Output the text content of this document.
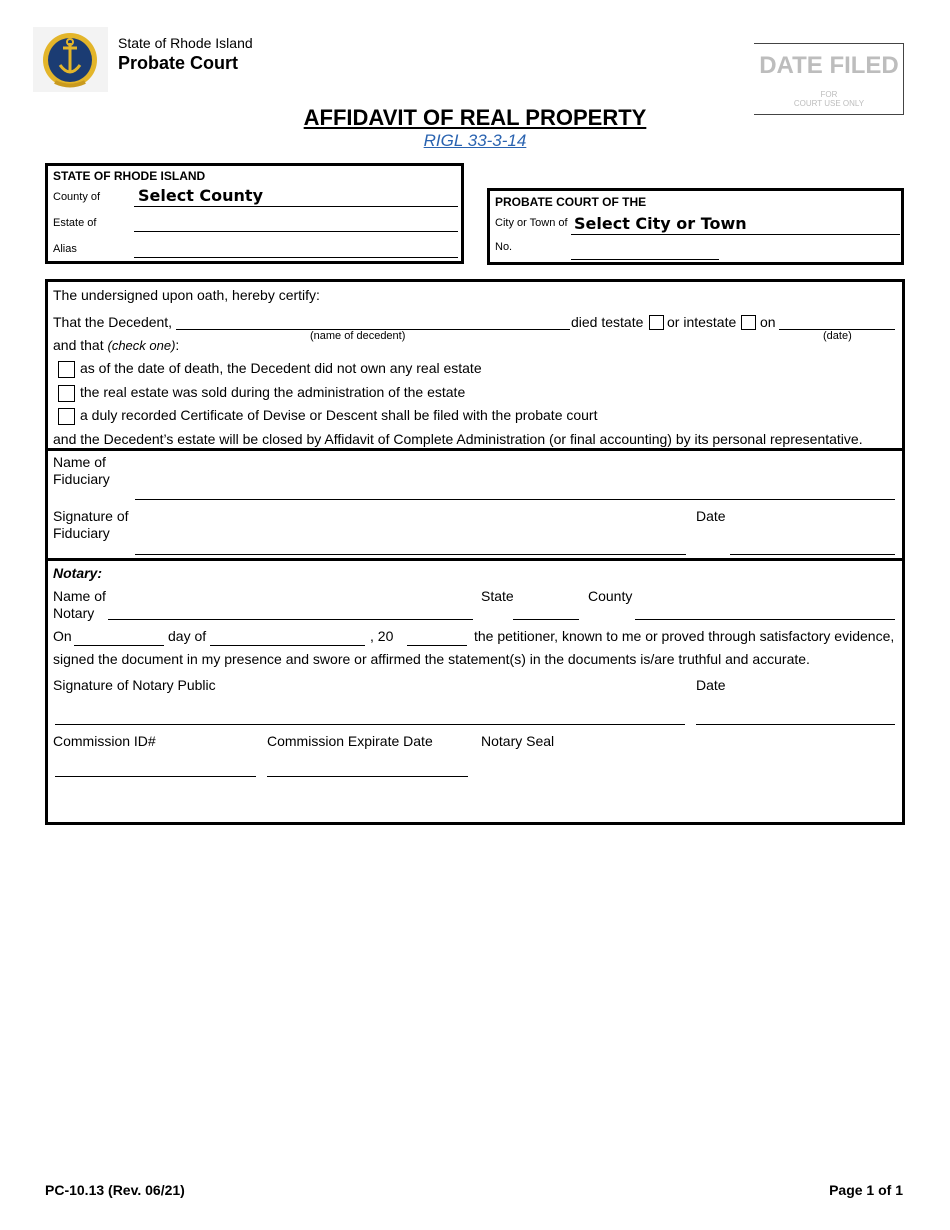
State of Rhode Island
Probate Court	DATE FILED
FOR
COURT USE ONLY
AFFIDAVIT OF REAL PROPERTY
RIGL 33-3-14
STATE OF RHODE ISLAND
County of Select County
Estate of
Alias
PROBATE COURT OF THE
City or Town of Select City or Town
No.
The undersigned upon oath, hereby certify:
That the Decedent,
(name of decedent)
died testate or intestate on
(date)
and that (check one):
as of the date of death, the Decedent did not own any real estate
the real estate was sold during the administration of the estate
a duly recorded Certificate of Devise or Descent shall be filed with the probate court
and the Decedent’s estate will be closed by Affidavit of Complete Administration (or final accounting) by its personal representative.
Name of
Fiduciary
Signature of
Fiduciary
Date
Notary:
Name of
Notary
State	County
On	day of	, 20	the petitioner, known to me or proved through satisfactory evidence,
signed the document in my presence and swore or affirmed the statement(s) in the documents is/are truthful and accurate.
Signature of Notary Public	Date
Commission ID#	Commission Expirate Date	Notary Seal
PC-10.13 (Rev. 06/21)	Page 1 of 1
